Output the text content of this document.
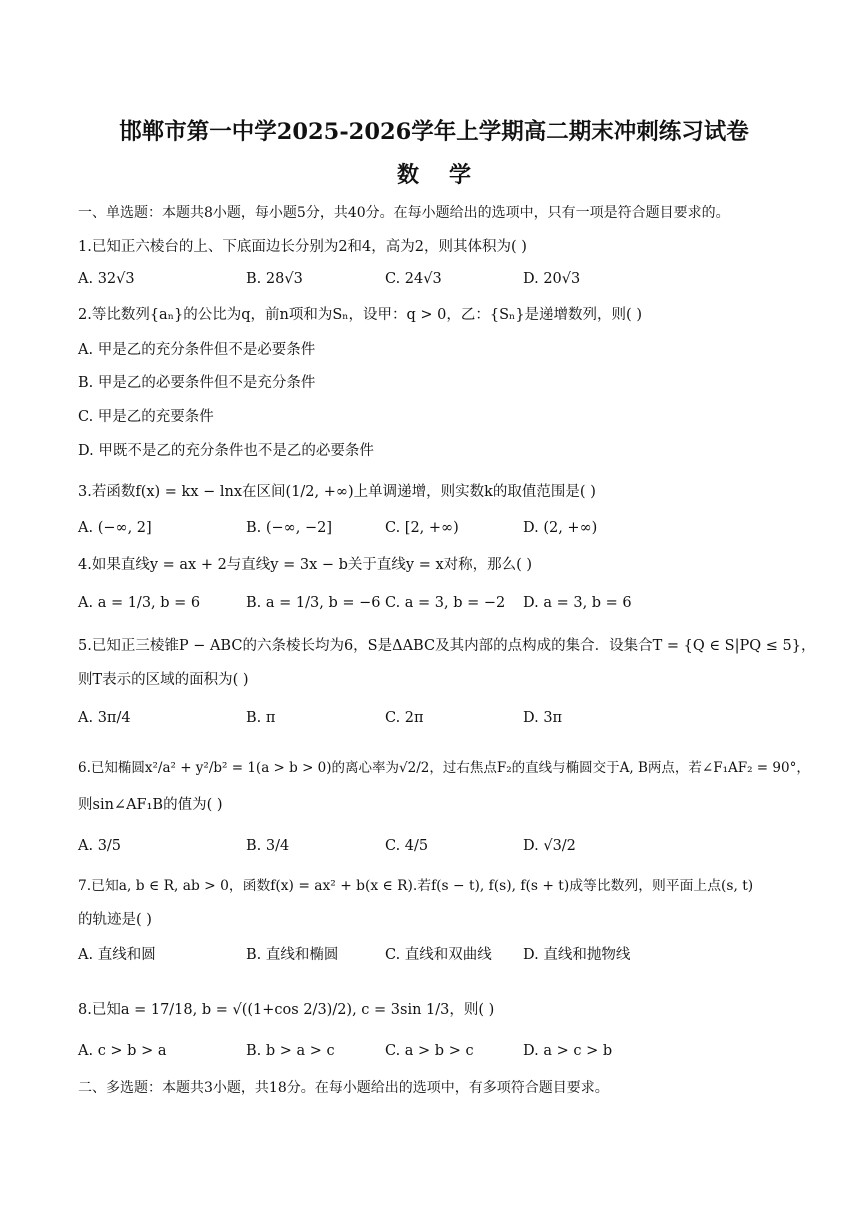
邯郸市第一中学2025-2026学年上学期高二期末冲刺练习试卷
数学
一、单选题：本题共8小题，每小题5分，共40分。在每小题给出的选项中，只有一项是符合题目要求的。
1.已知正六棱台的上、下底面边长分别为2和4，高为2，则其体积为( )
A. 32√3	B. 28√3	C. 24√3	D. 20√3
2.等比数列{aₙ}的公比为q，前n项和为Sₙ，设甲：q > 0，乙：{Sₙ}是递增数列，则( )
A. 甲是乙的充分条件但不是必要条件
B. 甲是乙的必要条件但不是充分条件
C. 甲是乙的充要条件
D. 甲既不是乙的充分条件也不是乙的必要条件
3.若函数f(x) = kx − lnx在区间(1/2, +∞)上单调递增，则实数k的取值范围是( )
A. (−∞, 2]	B. (−∞, −2]	C. [2, +∞)	D. (2, +∞)
4.如果直线y = ax + 2与直线y = 3x − b关于直线y = x对称，那么( )
A. a = 1/3, b = 6	B. a = 1/3, b = −6 C. a = 3, b = −2 D. a = 3, b = 6
5.已知正三棱锥P − ABC的六条棱长均为6，S是ΔABC及其内部的点构成的集合．设集合T = {Q ∈ S|PQ ≤ 5}，
则T表示的区域的面积为( )
A. 3π/4	B. π	C. 2π	D. 3π
6.已知椭圆x²/a² + y²/b² = 1(a > b > 0)的离心率为√2/2，过右焦点F₂的直线与椭圆交于A, B两点，若∠F₁AF₂ = 90°，
则sin∠AF₁B的值为( )
A. 3/5	B. 3/4	C. 4/5	D. √3/2
7.已知a, b ∈ R, ab > 0，函数f(x) = ax² + b(x ∈ R).若f(s − t), f(s), f(s + t)成等比数列，则平面上点(s, t)
的轨迹是( )
A. 直线和圆	B. 直线和椭圆	C. 直线和双曲线 D. 直线和抛物线
8.已知a = 17/18, b = √((1+cos 2/3)/2), c = 3sin 1/3，则( )
A. c > b > a	B. b > a > c	C. a > b > c	D. a > c > b
二、多选题：本题共3小题，共18分。在每小题给出的选项中，有多项符合题目要求。
